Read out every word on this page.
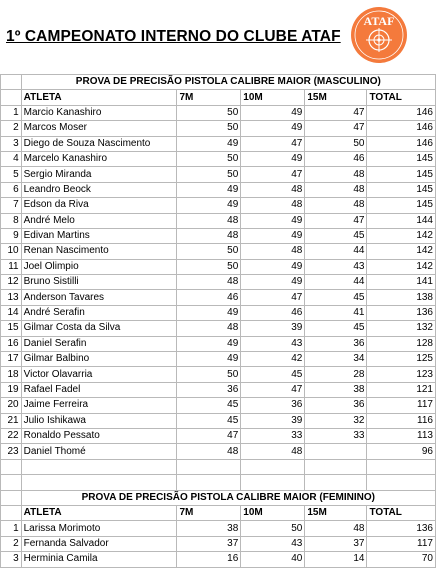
1º CAMPEONATO INTERNO DO CLUBE ATAF
ATAF
	PROVA DE PRECISÃO PISTOLA CALIBRE MAIOR (MASCULINO)				
	ATLETA	7M	10M	15M	TOTAL
1	Marcio Kanashiro	50	49	47	146
2	Marcos Moser	50	49	47	146
3	Diego de Souza Nascimento	49	47	50	146
4	Marcelo Kanashiro	50	49	46	145
5	Sergio Miranda	50	47	48	145
6	Leandro Beock	49	48	48	145
7	Edson da Riva	49	48	48	145
8	André Melo	48	49	47	144
9	Edivan Martins	48	49	45	142
10	Renan Nascimento	50	48	44	142
11	Joel Olimpio	50	49	43	142
12	Bruno Sistilli	48	49	44	141
13	Anderson Tavares	46	47	45	138
14	André Serafin	49	46	41	136
15	Gilmar Costa da Silva	48	39	45	132
16	Daniel Serafin	49	43	36	128
17	Gilmar Balbino	49	42	34	125
18	Victor Olavarria	50	45	28	123
19	Rafael Fadel	36	47	38	121
20	Jaime Ferreira	45	36	36	117
21	Julio Ishikawa	45	39	32	116
22	Ronaldo Pessato	47	33	33	113
23	Daniel Thomé	48	48		96

	PROVA DE PRECISÃO PISTOLA CALIBRE MAIOR (FEMININO)				
	ATLETA	7M	10M	15M	TOTAL
1	Larissa Morimoto	38	50	48	136
2	Fernanda Salvador	37	43	37	117
3	Herminia Camila	16	40	14	70
